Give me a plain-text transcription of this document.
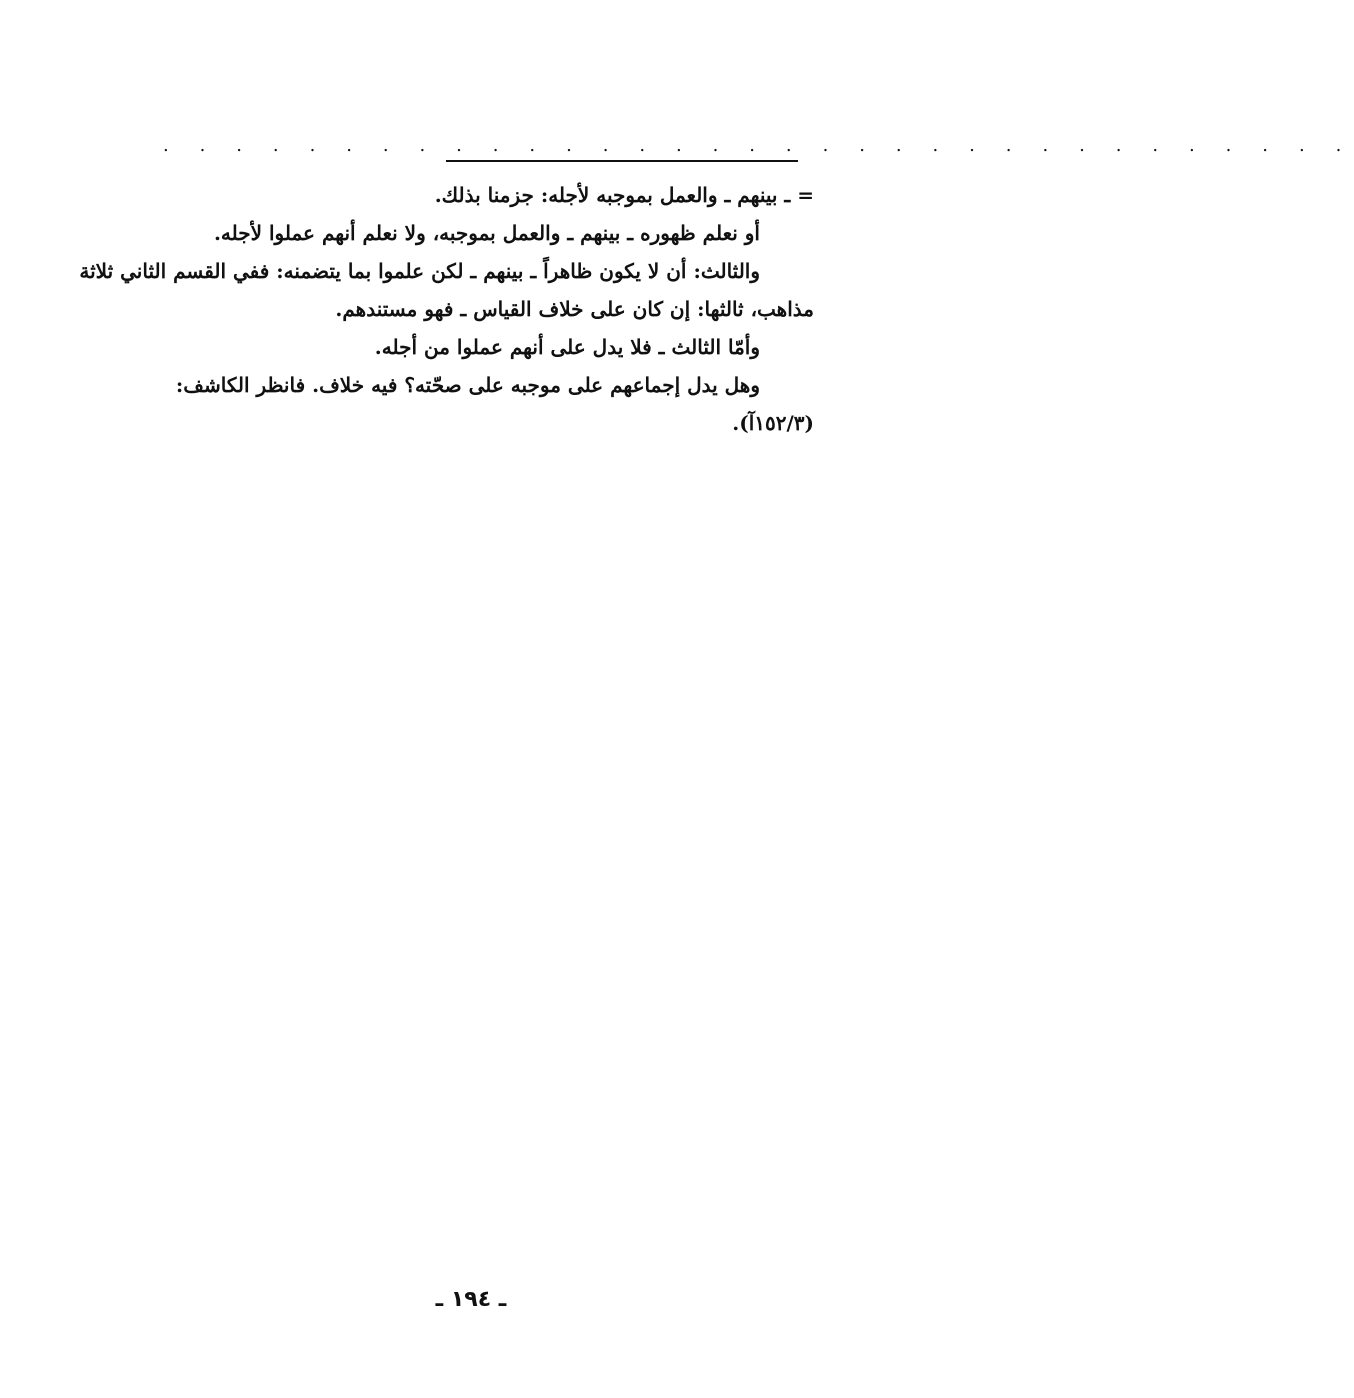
. . . . . . . . . . . . . . . . . . . . . . . . . . . . . . . . .
= ـ بينهم ـ والعمل بموجبه لأجله: جزمنا بذلك.
أو نعلم ظهوره ـ بينهم ـ والعمل بموجبه، ولا نعلم أنهم عملوا لأجله.
والثالث: أن لا يكون ظاهراً ـ بينهم ـ لكن علموا بما يتضمنه: ففي القسم الثاني ثلاثة
مذاهب، ثالثها: إن كان على خلاف القياس ـ فهو مستندهم.
وأمّا الثالث ـ فلا يدل على أنهم عملوا من أجله.
وهل يدل إجماعهم على موجبه على صحّته؟ فيه خلاف. فانظر الكاشف:
(١٥٢/٣آ).
ـ ١٩٤ ـ
